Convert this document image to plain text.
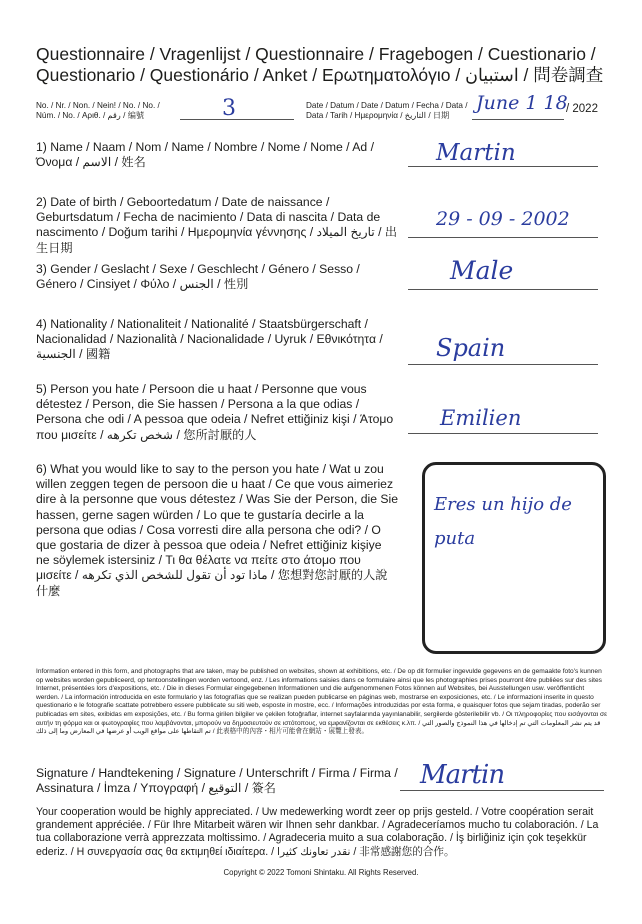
Questionnaire / Vragenlijst / Questionnaire / Fragebogen / Cuestionario / Questionario / Questionário / Anket / Ερωτηματολόγιο / استبيان / 問卷調查
No. / Nr. / Non. / Nein! / No. / No. /
Núm. / No. / Αριθ. / رقم / 编號	3	Date / Datum / Date / Datum / Fecha / Data /
Data / Tarih / Ημερομηνία / التاريخ / 日期
June 1 18
/ 2022
1) Name / Naam / Nom / Name / Nombre / Nome / Nome / Ad / Όνομα / الاسم / 姓名	Martin
2) Date of birth / Geboortedatum / Date de naissance / Geburtsdatum / Fecha de nacimiento / Data di nascita / Data de nascimento / Doğum tarihi / Ημερομηνία γέννησης / تاريخ الميلاد / 出生日期
29 - 09 - 2002
3) Gender / Geslacht / Sexe / Geschlecht / Género / Sesso / Género / Cinsiyet / Φύλο / الجنس / 性別	Male
4) Nationality / Nationaliteit / Nationalité / Staatsbürgerschaft / Nacionalidad / Nazionalità / Nacionalidade / Uyruk / Εθνικότητα / الجنسية / 國籍	Spain
5) Person you hate / Persoon die u haat / Personne que vous détestez / Person, die Sie hassen / Persona a la que odias / Persona che odi / A pessoa que odeia / Nefret ettiğiniz kişi / Άτομο που μισείτε / شخص تكرهه / 您所討厭的人
Emilien
6) What you would like to say to the person you hate / Wat u zou willen zeggen tegen de persoon die u haat / Ce que vous aimeriez dire à la personne que vous détestez / Was Sie der Person, die Sie hassen, gerne sagen würden / Lo que te gustaría decirle a la persona que odias / Cosa vorresti dire alla persona che odi? / O que gostaria de dizer à pessoa que odeia / Nefret ettiğiniz kişiye ne söylemek istersiniz / Τι θα θέλατε να πείτε στο άτομο που μισείτε / ماذا تود أن تقول للشخص الذي تكرهه / 您想對您討厭的人說什麼
Eres un hijo de puta
Information entered in this form, and photographs that are taken, may be published on websites, shown at exhibitions, etc. / De op dit formulier ingevulde gegevens en de gemaakte foto's kunnen op websites worden gepubliceerd, op tentoonstellingen worden vertoond, enz. / Les informations saisies dans ce formulaire ainsi que les photographies prises pourront être publiées sur des sites Internet, présentées lors d'expositions, etc. / Die in dieses Formular eingegebenen Informationen und die aufgenommenen Fotos können auf Websites, bei Ausstellungen usw. veröffentlicht werden. / La información introducida en este formulario y las fotografías que se realizan pueden publicarse en páginas web, mostrarse en exposiciones, etc. / Le informazioni inserite in questo questionario e le fotografie scattate potrebbero essere pubblicate su siti web, esposte in mostre, ecc. / Informações introduzidas por esta forma, e quaisquer fotos que sejam tiradas, poderão ser publicadas em sites, exibidas em exposições, etc. / Bu forma girilen bilgiler ve çekilen fotoğraflar, internet sayfalarında yayınlanabilir, sergilerde gösterilebilir vb. / Οι πληροφορίες που εισάγονται σε αυτήν τη φόρμα και οι φωτογραφίες που λαμβάνονται, μπορούν να δημοσιευτούν σε ιστότοπους, να εμφανίζονται σε εκθέσεις κ.λπ. / قد يتم نشر المعلومات التي تم إدخالها في هذا النموذج والصور التي تم التقاطها على مواقع الويب أو عرضها في المعارض وما إلى ذلك / 此表格中的內容・相片可能會在網站・展覽上發表。
Signature / Handtekening / Signature / Unterschrift / Firma / Firma / Assinatura / İmza / Υπογραφή / التوقيع / 簽名	Martin
Your cooperation would be highly appreciated. / Uw medewerking wordt zeer op prijs gesteld. / Votre coopération serait grandement appréciée. / Für Ihre Mitarbeit wären wir Ihnen sehr dankbar. / Agradeceríamos mucho tu colaboración. / La tua collaborazione verrà apprezzata moltissimo. / Agradeceria muito a sua colaboração. / İş birliğiniz için çok teşekkür ederiz. / Η συνεργασία σας θα εκτιμηθεί ιδιαίτερα. / نقدر تعاونك كثيرا / 非常感謝您的合作。
Copyright © 2022 Tomoni Shintaku. All Rights Reserved.
